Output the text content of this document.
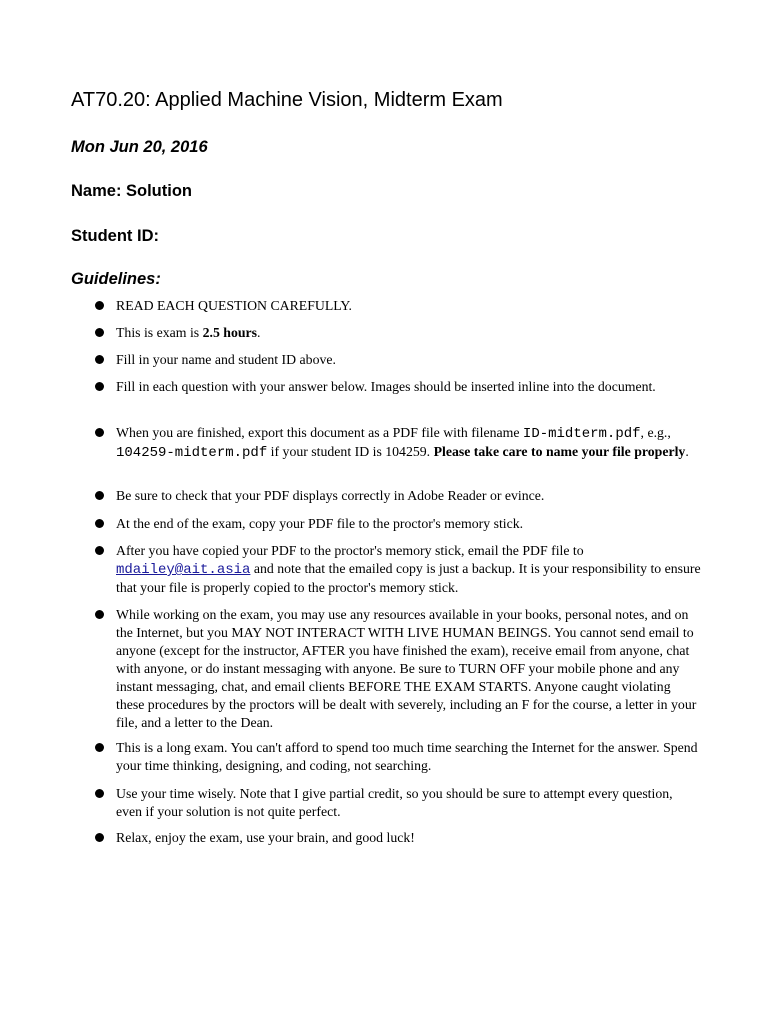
AT70.20: Applied Machine Vision, Midterm Exam

Mon Jun 20, 2016

Name: Solution

Student ID:

Guidelines:

READ EACH QUESTION CAREFULLY.
This is exam is 2.5 hours.
Fill in your name and student ID above.
Fill in each question with your answer below. Images should be inserted inline into the document.
When you are finished, export this document as a PDF file with filename ID-midterm.pdf, e.g., 104259-midterm.pdf if your student ID is 104259. Please take care to name your file properly.
Be sure to check that your PDF displays correctly in Adobe Reader or evince.
At the end of the exam, copy your PDF file to the proctor's memory stick.
After you have copied your PDF to the proctor's memory stick, email the PDF file to mdailey@ait.asia and note that the emailed copy is just a backup. It is your responsibility to ensure that your file is properly copied to the proctor's memory stick.
While working on the exam, you may use any resources available in your books, personal notes, and on the Internet, but you MAY NOT INTERACT WITH LIVE HUMAN BEINGS. You cannot send email to anyone (except for the instructor, AFTER you have finished the exam), receive email from anyone, chat with anyone, or do instant messaging with anyone. Be sure to TURN OFF your mobile phone and any instant messaging, chat, and email clients BEFORE THE EXAM STARTS. Anyone caught violating these procedures by the proctors will be dealt with severely, including an F for the course, a letter in your file, and a letter to the Dean.
This is a long exam. You can't afford to spend too much time searching the Internet for the answer. Spend your time thinking, designing, and coding, not searching.
Use your time wisely. Note that I give partial credit, so you should be sure to attempt every question, even if your solution is not quite perfect.
Relax, enjoy the exam, use your brain, and good luck!
